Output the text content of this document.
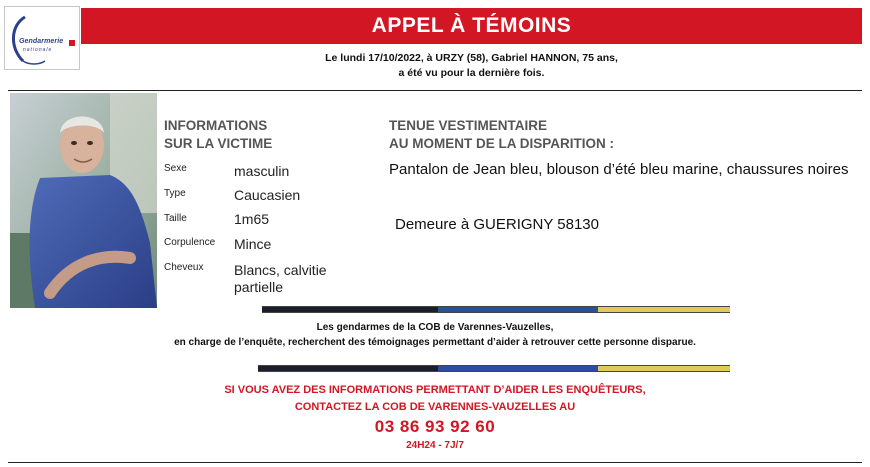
Gendarmerie
nationale
APPEL À TÉMOINS
Le lundi 17/10/2022, à URZY (58), Gabriel HANNON, 75 ans,
a été vu pour la dernière fois.
INFORMATIONS
SUR LA VICTIME
Sexe	masculin
Type	Caucasien
Taille	1m65
Corpulence Mince
Cheveux Blancs, calvitie
partielle
TENUE VESTIMENTAIRE
AU MOMENT DE LA DISPARITION :
Pantalon de Jean bleu, blouson d’été bleu marine, chaussures noires
Demeure à GUERIGNY 58130
Les gendarmes de la COB de Varennes-Vauzelles,
en charge de l’enquête, recherchent des témoignages permettant d’aider à retrouver cette personne disparue.
SI VOUS AVEZ DES INFORMATIONS PERMETTANT D’AIDER LES ENQUÊTEURS,
CONTACTEZ LA COB DE VARENNES-VAUZELLES AU
03 86 93 92 60
24H24 - 7J/7
